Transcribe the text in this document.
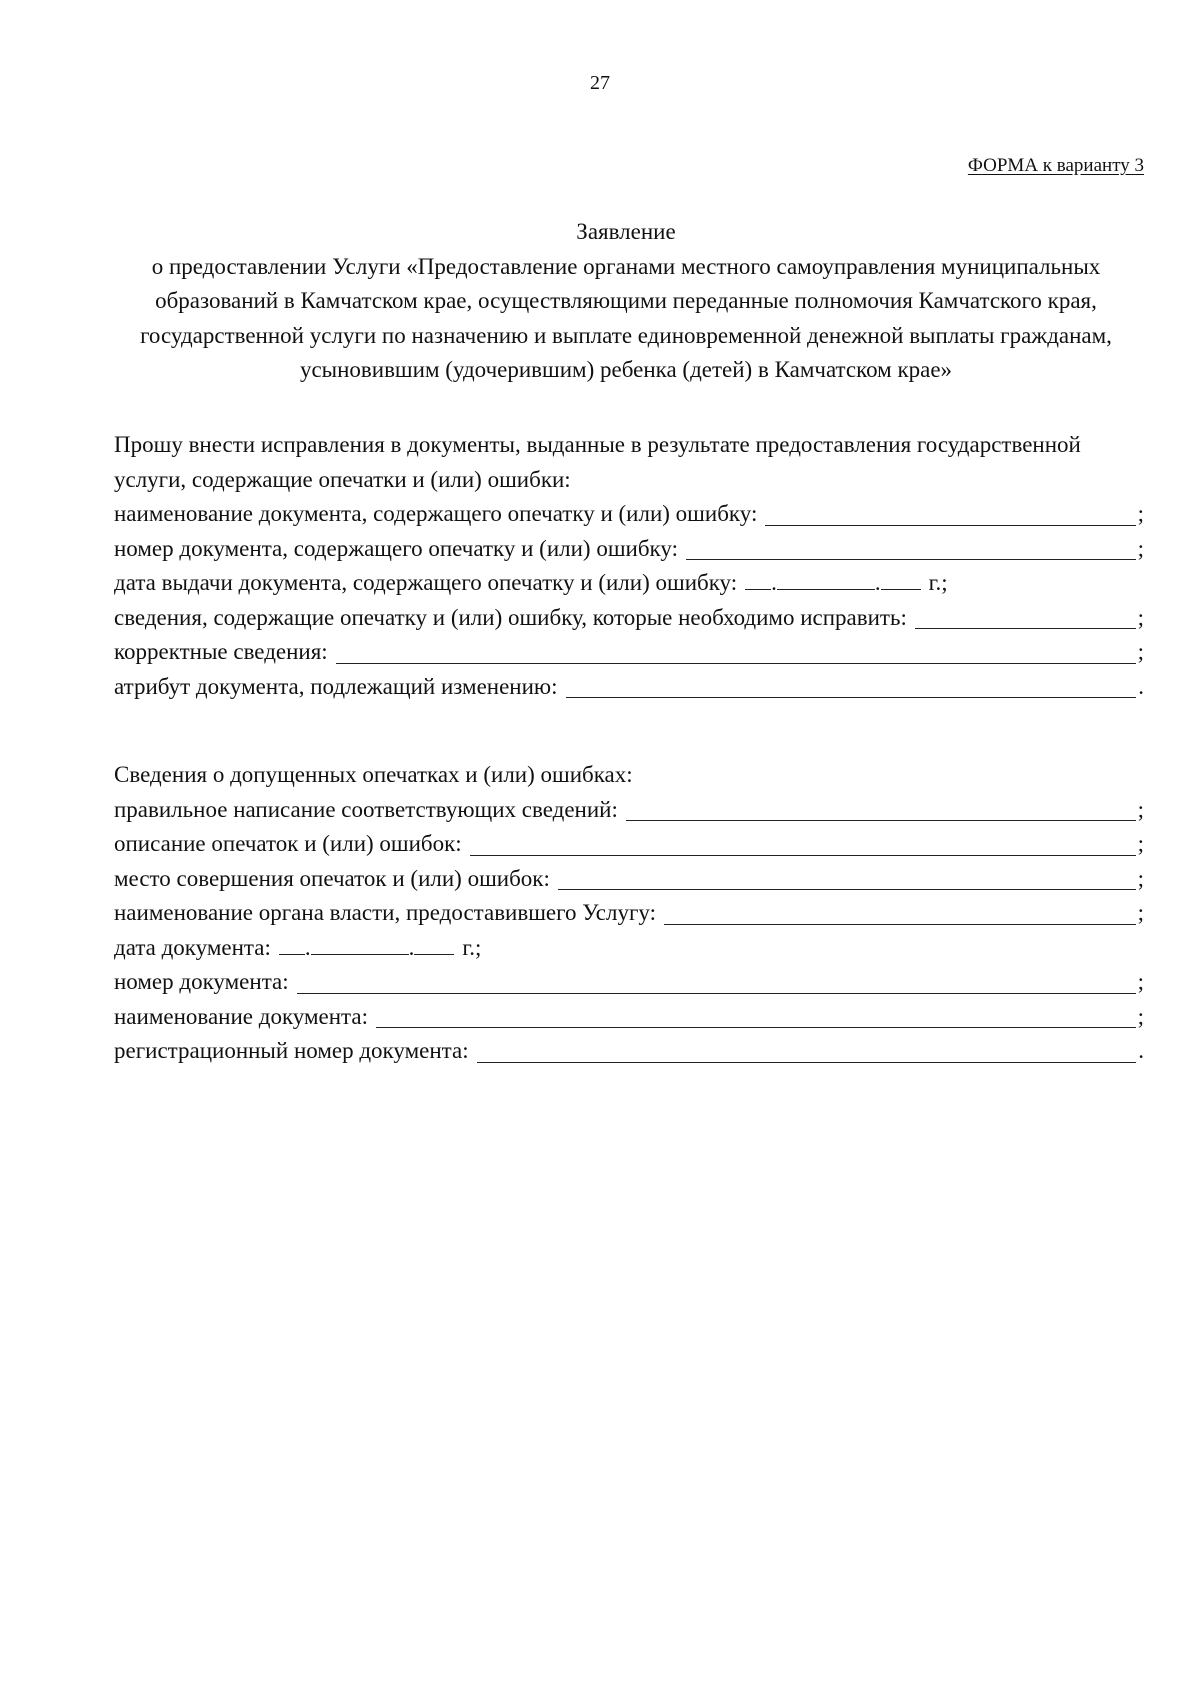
27
ФОРМА к варианту 3
Заявление
о предоставлении Услуги «Предоставление органами местного самоуправления муниципальных
образований в Камчатском крае, осуществляющими переданные полномочия Камчатского края,
государственной услуги по назначению и выплате единовременной денежной выплаты гражданам,
усыновившим (удочерившим) ребенка (детей) в Камчатском крае»
Прошу внести исправления в документы, выданные в результате предоставления государственной
услуги, содержащие опечатки и (или) ошибки:
наименование документа, содержащего опечатку и (или) ошибку:	;
номер документа, содержащего опечатку и (или) ошибку:	;
дата выдачи документа, содержащего опечатку и (или) ошибку:	.	.	г.;
сведения, содержащие опечатку и (или) ошибку, которые необходимо исправить:	;
корректные сведения:	;
атрибут документа, подлежащий изменению:	.
Сведения о допущенных опечатках и (или) ошибках:
правильное написание соответствующих сведений:	;
описание опечаток и (или) ошибок:	;
место совершения опечаток и (или) ошибок:	;
наименование органа власти, предоставившего Услугу:	;
дата документа:	.	.	г.;
номер документа:	;
наименование документа:	;
регистрационный номер документа:	.
